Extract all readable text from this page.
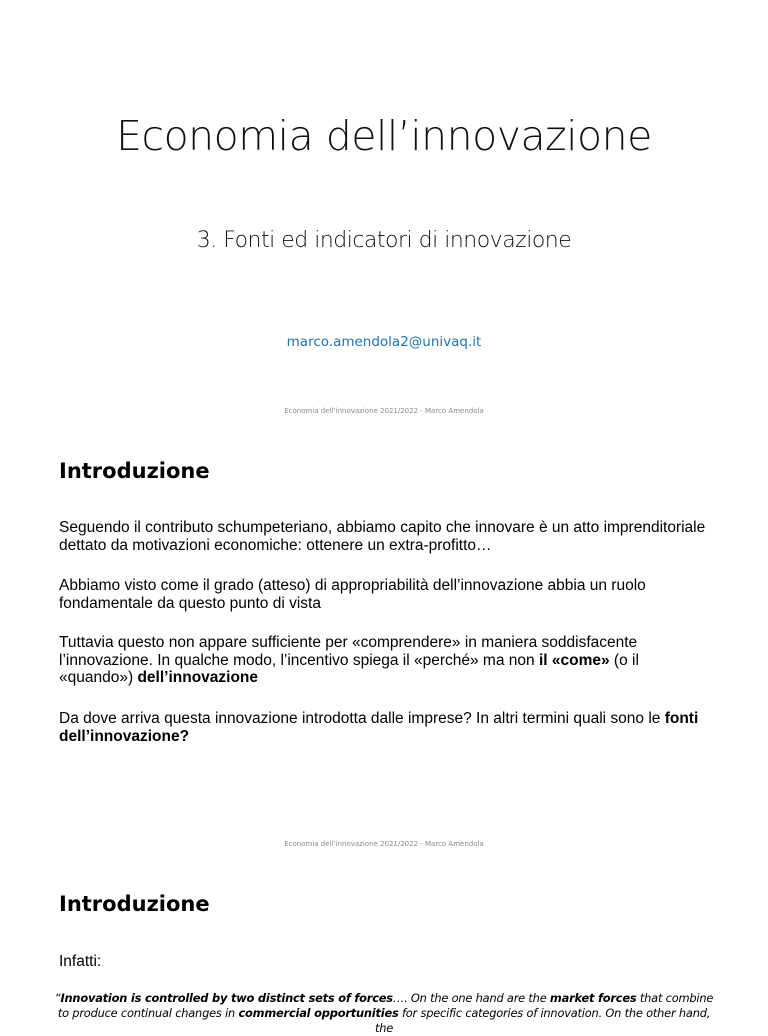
Economia dell’innovazione
3. Fonti ed indicatori di innovazione
marco.amendola2@univaq.it
Economia dell’innovazione 2021/2022 - Marco Amendola
Introduzione
Seguendo il contributo schumpeteriano, abbiamo capito che innovare è un atto imprenditoriale dettato da motivazioni economiche: ottenere un extra-profitto…
Abbiamo visto come il grado (atteso) di appropriabilità dell’innovazione abbia un ruolo fondamentale da questo punto di vista
Tuttavia questo non appare sufficiente per «comprendere» in maniera soddisfacente l’innovazione. In qualche modo, l’incentivo spiega il «perché» ma non il «come» (o il «quando») dell’innovazione
Da dove arriva questa innovazione introdotta dalle imprese? In altri termini quali sono le fonti dell’innovazione?
Economia dell’innovazione 2021/2022 - Marco Amendola
Introduzione
Infatti:
“Innovation is controlled by two distinct sets of forces…. On the one hand are the market forces that combine to produce continual changes in commercial opportunities for specific categories of innovation. On the other hand, the
